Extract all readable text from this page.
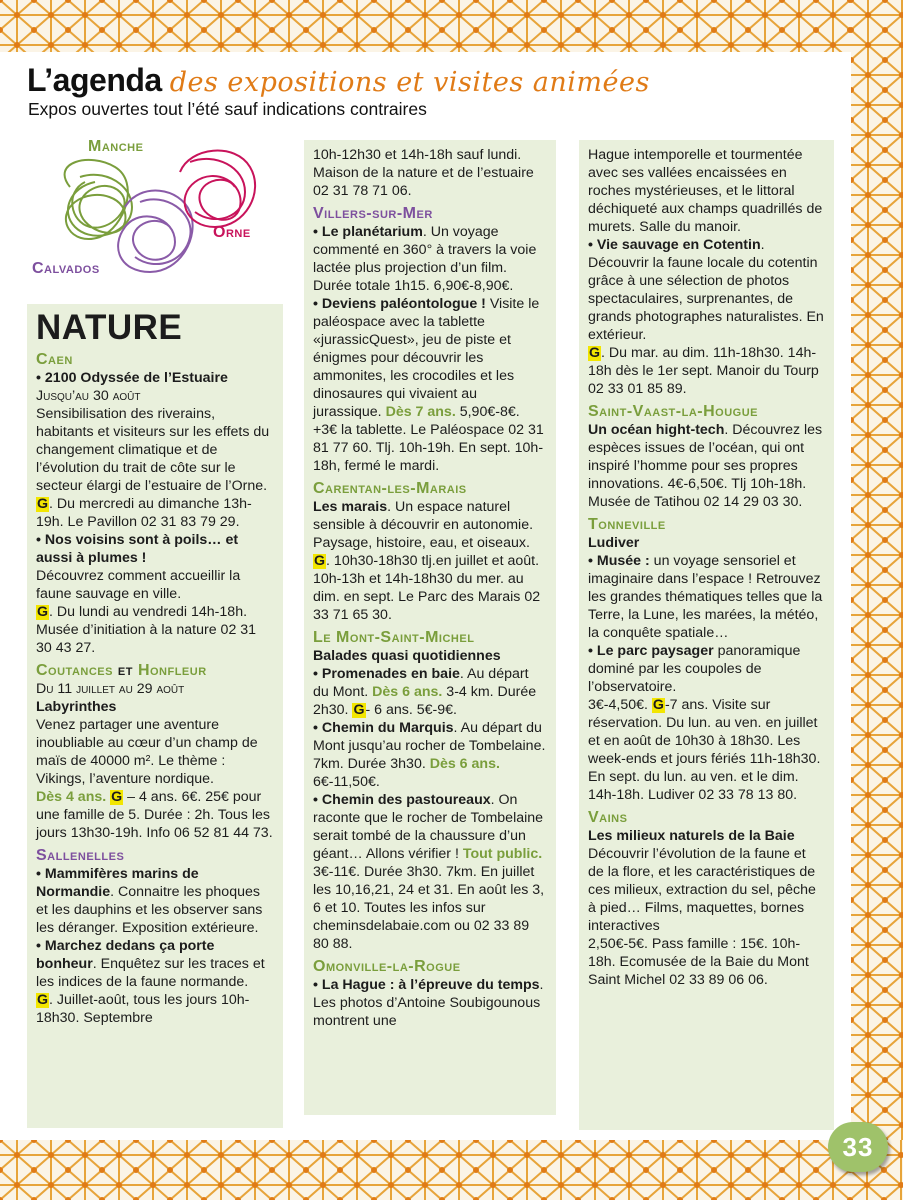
L’agenda des expositions et visites animées
Expos ouvertes tout l’été sauf indications contraires
Manche
Orne
Calvados

NATURE

Caen

• 2100 Odyssée de l’Estuaire

Jusqu’au 30 août

Sensibilisation des riverains, habitants et visiteurs sur les effets du changement climatique et de l’évolution du trait de côte sur le secteur élargi de l’estuaire de l’Orne.

G. Du mercredi au dimanche 13h-19h. Le Pavillon 02 31 83 79 29.

• Nos voisins sont à poils… et aussi à plumes !

Découvrez comment accueillir la faune sauvage en ville.

G. Du lundi au vendredi 14h-18h. Musée d’initiation à la nature 02 31 30 43 27.

Coutances et Honfleur

Du 11 juillet au 29 août

Labyrinthes

Venez partager une aventure inoubliable au cœur d’un champ de maïs de 40000 m². Le thème : Vikings, l’aventure nordique.

Dès 4 ans. G – 4 ans. 6€. 25€ pour une famille de 5. Durée : 2h. Tous les jours 13h30-19h. Info 06 52 81 44 73.

Sallenelles

• Mammifères marins de Normandie. Connaitre les phoques et les dauphins et les observer sans les déranger. Exposition extérieure.

• Marchez dedans ça porte bonheur. Enquêtez sur les traces et les indices de la faune normande.

G. Juillet-août, tous les jours 10h-18h30. Septembre

10h-12h30 et 14h-18h sauf lundi. Maison de la nature et de l’estuaire 02 31 78 71 06.

Villers-sur-Mer

• Le planétarium. Un voyage commenté en 360° à travers la voie lactée plus projection d’un film. Durée totale 1h15. 6,90€-8,90€.

• Deviens paléontologue ! Visite le paléospace avec la tablette «jurassicQuest», jeu de piste et énigmes pour découvrir les ammonites, les crocodiles et les dinosaures qui vivaient au jurassique. Dès 7 ans. 5,90€-8€. +3€ la tablette. Le Paléospace 02 31 81 77 60. Tlj. 10h-19h. En sept. 10h-18h, fermé le mardi.

Carentan-les-Marais

Les marais. Un espace naturel sensible à découvrir en autonomie. Paysage, histoire, eau, et oiseaux.

G. 10h30-18h30 tlj.en juillet et août. 10h-13h et 14h-18h30 du mer. au dim. en sept. Le Parc des Marais 02 33 71 65 30.

Le Mont-Saint-Michel

Balades quasi quotidiennes

• Promenades en baie. Au départ du Mont. Dès 6 ans. 3-4 km. Durée 2h30. G- 6 ans. 5€-9€.

• Chemin du Marquis. Au départ du Mont jusqu’au rocher de Tombelaine. 7km. Durée 3h30. Dès 6 ans. 6€-11,50€.

• Chemin des pastoureaux. On raconte que le rocher de Tombelaine serait tombé de la chaussure d’un géant… Allons vérifier ! Tout public. 3€-11€. Durée 3h30. 7km. En juillet les 10,16,21, 24 et 31. En août les 3, 6 et 10. Toutes les infos sur cheminsdelabaie.com ou 02 33 89 80 88.

Omonville-la-Rogue

• La Hague : à l’épreuve du temps. Les photos d’Antoine Soubigounous montrent une

Hague intemporelle et tourmentée avec ses vallées encaissées en roches mystérieuses, et le littoral déchiqueté aux champs quadrillés de murets. Salle du manoir.

• Vie sauvage en Cotentin. Découvrir la faune locale du cotentin grâce à une sélection de photos spectaculaires, surprenantes, de grands photographes naturalistes. En extérieur.

G. Du mar. au dim. 11h-18h30. 14h-18h dès le 1er sept. Manoir du Tourp 02 33 01 85 89.

Saint-Vaast-la-Hougue

Un océan hight-tech. Découvrez les espèces issues de l’océan, qui ont inspiré l’homme pour ses propres innovations. 4€-6,50€. Tlj 10h-18h. Musée de Tatihou 02 14 29 03 30.

Tonneville

Ludiver

• Musée : un voyage sensoriel et imaginaire dans l’espace ! Retrouvez les grandes thématiques telles que la Terre, la Lune, les marées, la météo, la conquête spatiale…

• Le parc paysager panoramique dominé par les coupoles de l’observatoire.

3€-4,50€. G-7 ans. Visite sur réservation. Du lun. au ven. en juillet et en août de 10h30 à 18h30. Les week-ends et jours fériés 11h-18h30. En sept. du lun. au ven. et le dim. 14h-18h. Ludiver 02 33 78 13 80.

Vains

Les milieux naturels de la Baie

Découvrir l’évolution de la faune et de la flore, et les caractéristiques de ces milieux, extraction du sel, pêche à pied… Films, maquettes, bornes interactives

2,50€-5€. Pass famille : 15€. 10h-18h. Ecomusée de la Baie du Mont Saint Michel 02 33 89 06 06.

33
